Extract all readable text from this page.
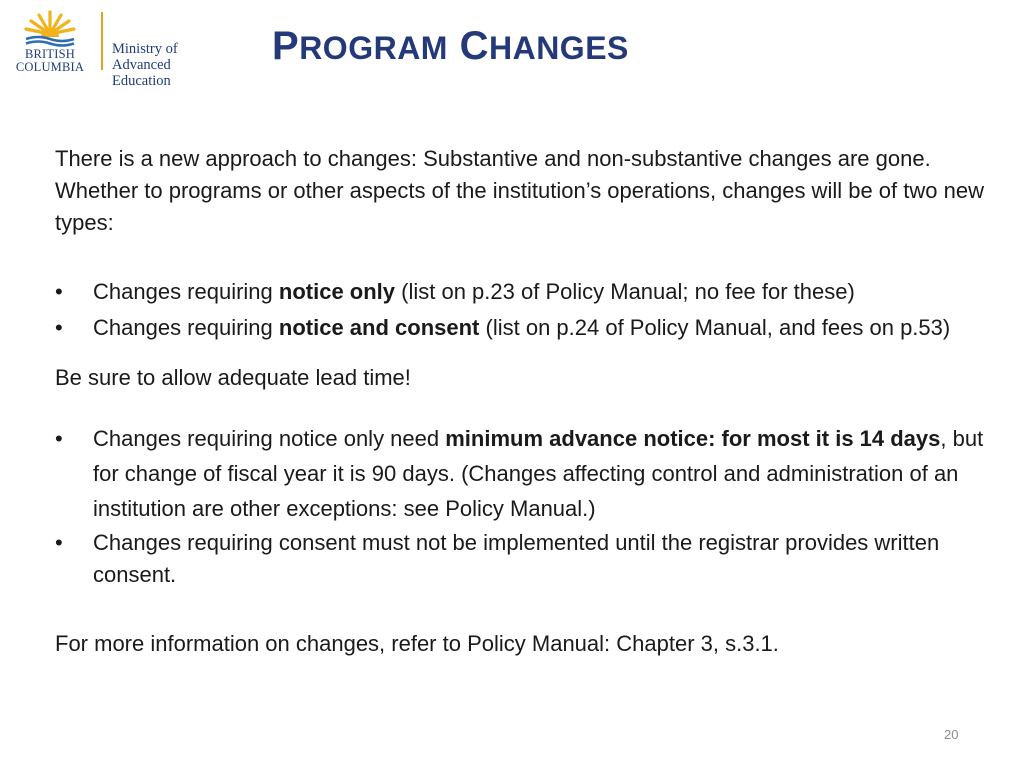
BRITISH
COLUMBIA
Ministry of
Advanced Education
PROGRAM CHANGES

There is a new approach to changes: Substantive and non-substantive changes are gone. Whether to programs or other aspects of the institution’s operations, changes will be of two new types:

• Changes requiring notice only (list on p.23 of Policy Manual; no fee for these)
• Changes requiring notice and consent (list on p.24 of Policy Manual, and fees on p.53)

Be sure to allow adequate lead time!

• Changes requiring notice only need minimum advance notice: for most it is 14 days, but for change of fiscal year it is 90 days. (Changes affecting control and administration of an institution are other exceptions: see Policy Manual.)
• Changes requiring consent must not be implemented until the registrar provides written consent.

For more information on changes, refer to Policy Manual: Chapter 3, s.3.1.

20
